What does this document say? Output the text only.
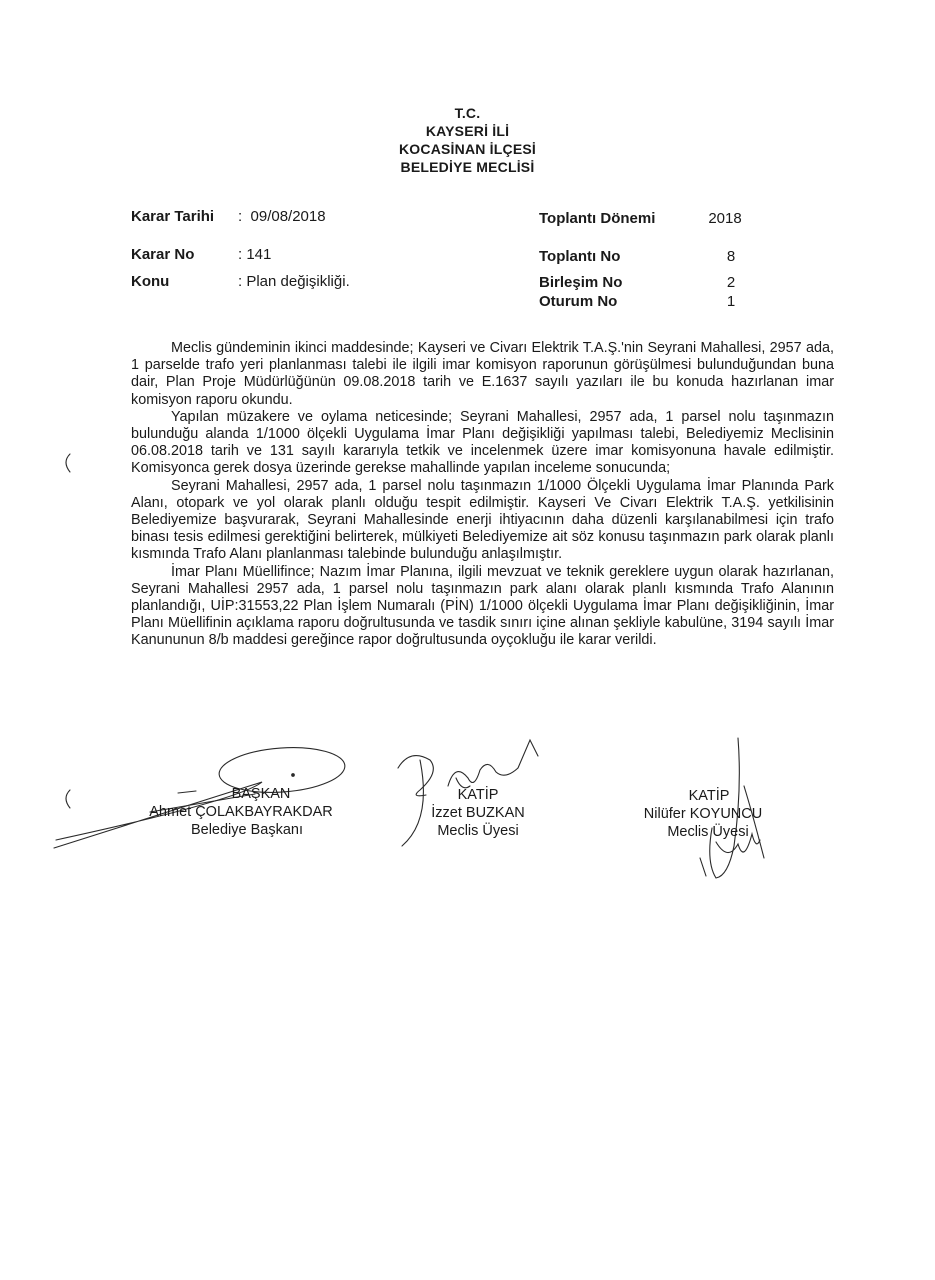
T.C.
KAYSERİ İLİ
KOCASİNAN İLÇESİ
BELEDİYE MECLİSİ
Karar Tarihi : 09/08/2018
Karar No	: 141
Konu	: Plan değişikliği.
Toplantı Dönemi	2018
Toplantı No	8
Birleşim No	2
Oturum No	1

Meclis gündeminin ikinci maddesinde; Kayseri ve Civarı Elektrik T.A.Ş.'nin Seyrani Mahallesi, 2957 ada, 1 parselde trafo yeri planlanması talebi ile ilgili imar komisyon raporunun görüşülmesi bulunduğundan buna dair, Plan Proje Müdürlüğünün 09.08.2018 tarih ve E.1637 sayılı yazıları ile bu konuda hazırlanan imar komisyon raporu okundu.

Yapılan müzakere ve oylama neticesinde; Seyrani Mahallesi, 2957 ada, 1 parsel nolu taşınmazın bulunduğu alanda 1/1000 ölçekli Uygulama İmar Planı değişikliği yapılması talebi, Belediyemiz Meclisinin 06.08.2018 tarih ve 131 sayılı kararıyla tetkik ve incelenmek üzere imar komisyonuna havale edilmiştir. Komisyonca gerek dosya üzerinde gerekse mahallinde yapılan inceleme sonucunda;

Seyrani Mahallesi, 2957 ada, 1 parsel nolu taşınmazın 1/1000 Ölçekli Uygulama İmar Planında Park Alanı, otopark ve yol olarak planlı olduğu tespit edilmiştir. Kayseri Ve Civarı Elektrik T.A.Ş. yetkilisinin Belediyemize başvurarak, Seyrani Mahallesinde enerji ihtiyacının daha düzenli karşılanabilmesi için trafo binası tesis edilmesi gerektiğini belirterek, mülkiyeti Belediyemize ait söz konusu taşınmazın park olarak planlı kısmında Trafo Alanı planlanması talebinde bulunduğu anlaşılmıştır.

İmar Planı Müellifince; Nazım İmar Planına, ilgili mevzuat ve teknik gereklere uygun olarak hazırlanan, Seyrani Mahallesi 2957 ada, 1 parsel nolu taşınmazın park alanı olarak planlı kısmında Trafo Alanının planlandığı, UİP:31553,22 Plan İşlem Numaralı (PİN) 1/1000 ölçekli Uygulama İmar Planı değişikliğinin, İmar Planı Müellifinin açıklama raporu doğrultusunda ve tasdik sınırı içine alınan şekliyle kabulüne, 3194 sayılı İmar Kanununun 8/b maddesi gereğince rapor doğrultusunda oyçokluğu ile karar verildi.

BAŞKAN
Ahmet ÇOLAKBAYRAKDAR
Belediye Başkanı
KATİP
İzzet BUZKAN
Meclis Üyesi
KATİP
Nilüfer KOYUNCU
Meclis Üyesi
